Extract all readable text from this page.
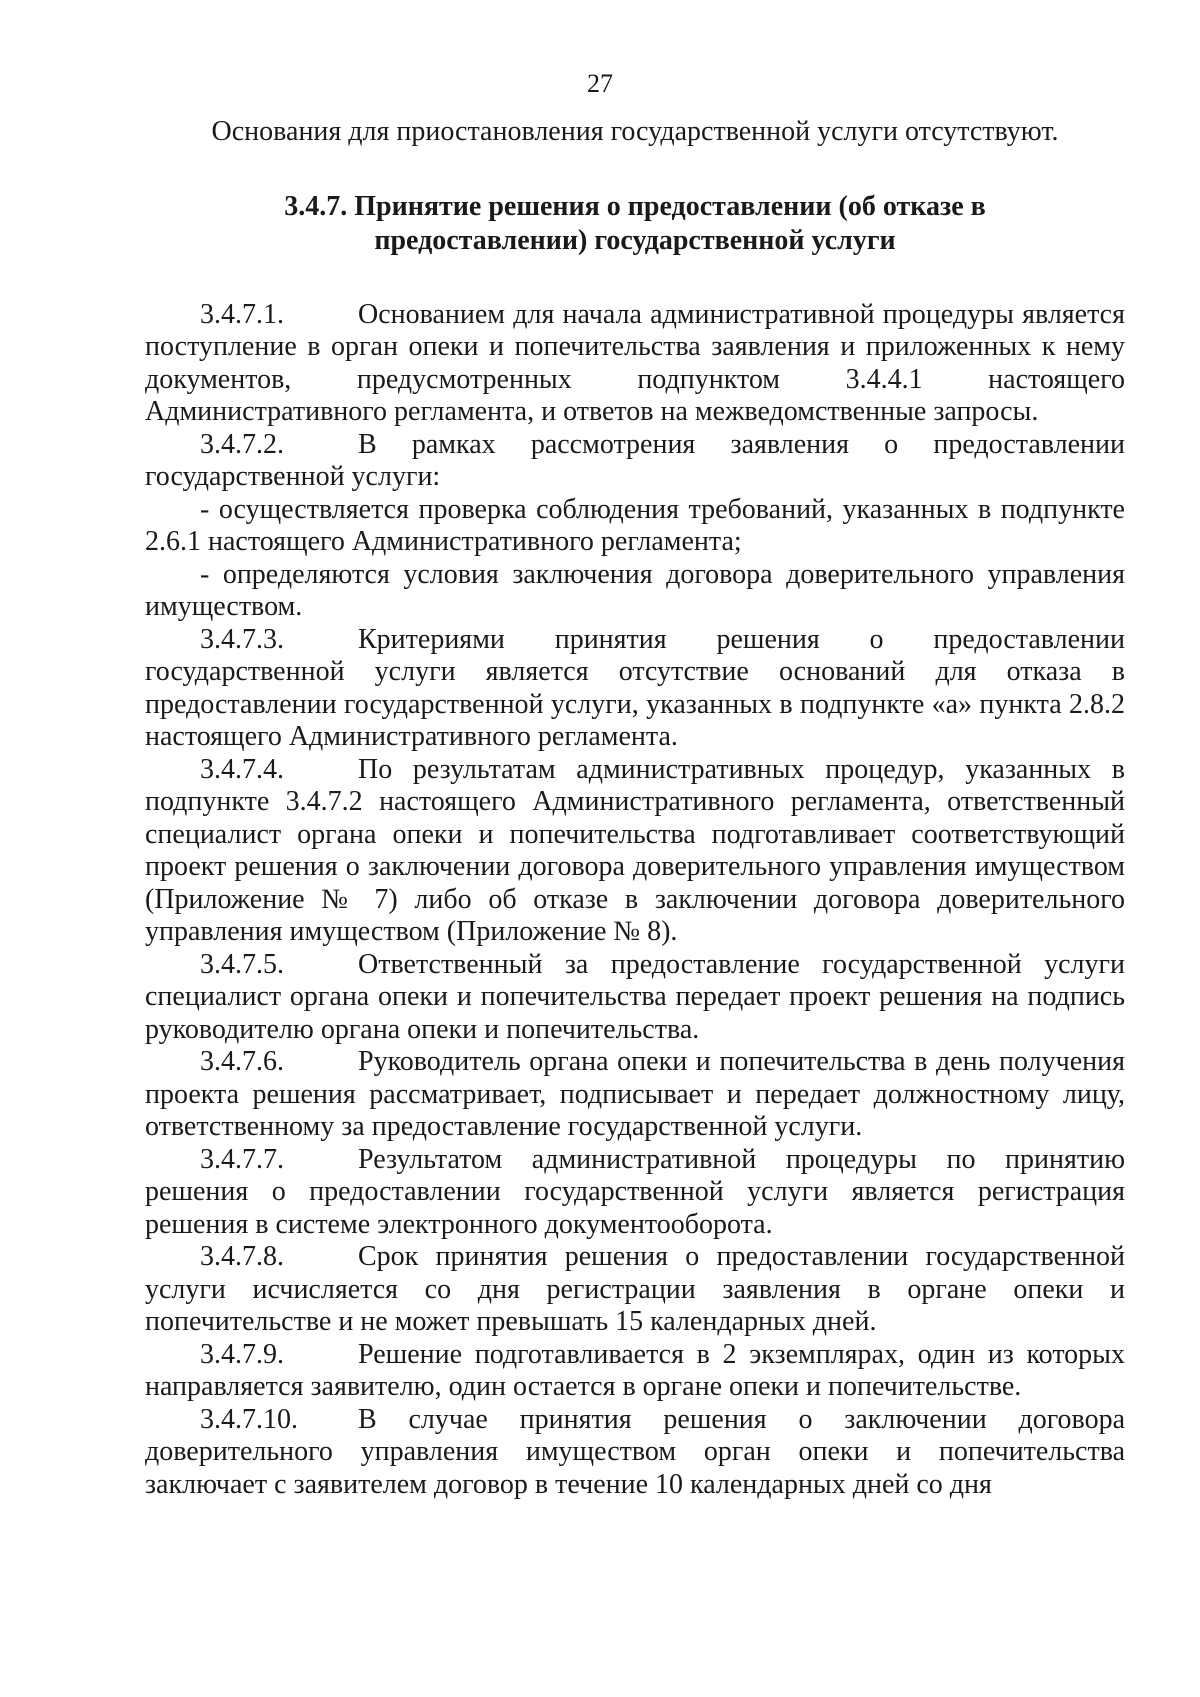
27

Основания для приостановления государственной услуги отсутствуют.

3.4.7. Принятие решения о предоставлении (об отказе в
предоставлении) государственной услуги

3.4.7.1.	Основанием для начала административной процедуры является поступление в орган опеки и попечительства заявления и приложенных к нему документов, предусмотренных подпунктом 3.4.4.1 настоящего Административного регламента, и ответов на межведомственные запросы.

3.4.7.2.	В рамках рассмотрения заявления о предоставлении государственной услуги:

- осуществляется проверка соблюдения требований, указанных в подпункте 2.6.1 настоящего Административного регламента;

- определяются условия заключения договора доверительного управления имуществом.

3.4.7.3.	Критериями принятия решения о предоставлении государственной услуги является отсутствие оснований для отказа в предоставлении государственной услуги, указанных в подпункте «а» пункта 2.8.2 настоящего Административного регламента.

3.4.7.4.	По результатам административных процедур, указанных в подпункте 3.4.7.2 настоящего Административного регламента, ответственный специалист органа опеки и попечительства подготавливает соответствующий проект решения о заключении договора доверительного управления имуществом (Приложение № 7) либо об отказе в заключении договора доверительного управления имуществом (Приложение № 8).

3.4.7.5.	Ответственный за предоставление государственной услуги специалист органа опеки и попечительства передает проект решения на подпись руководителю органа опеки и попечительства.

3.4.7.6.	Руководитель органа опеки и попечительства в день получения проекта решения рассматривает, подписывает и передает должностному лицу, ответственному за предоставление государственной услуги.

3.4.7.7.	Результатом административной процедуры по принятию решения о предоставлении государственной услуги является регистрация решения в системе электронного документооборота.

3.4.7.8.	Срок принятия решения о предоставлении государственной услуги исчисляется со дня регистрации заявления в органе опеки и попечительстве и не может превышать 15 календарных дней.

3.4.7.9.	Решение подготавливается в 2 экземплярах, один из которых направляется заявителю, один остается в органе опеки и попечительстве.

3.4.7.10. В случае принятия решения о заключении договора доверительного управления имуществом орган опеки и попечительства заключает с заявителем договор в течение 10 календарных дней со дня
